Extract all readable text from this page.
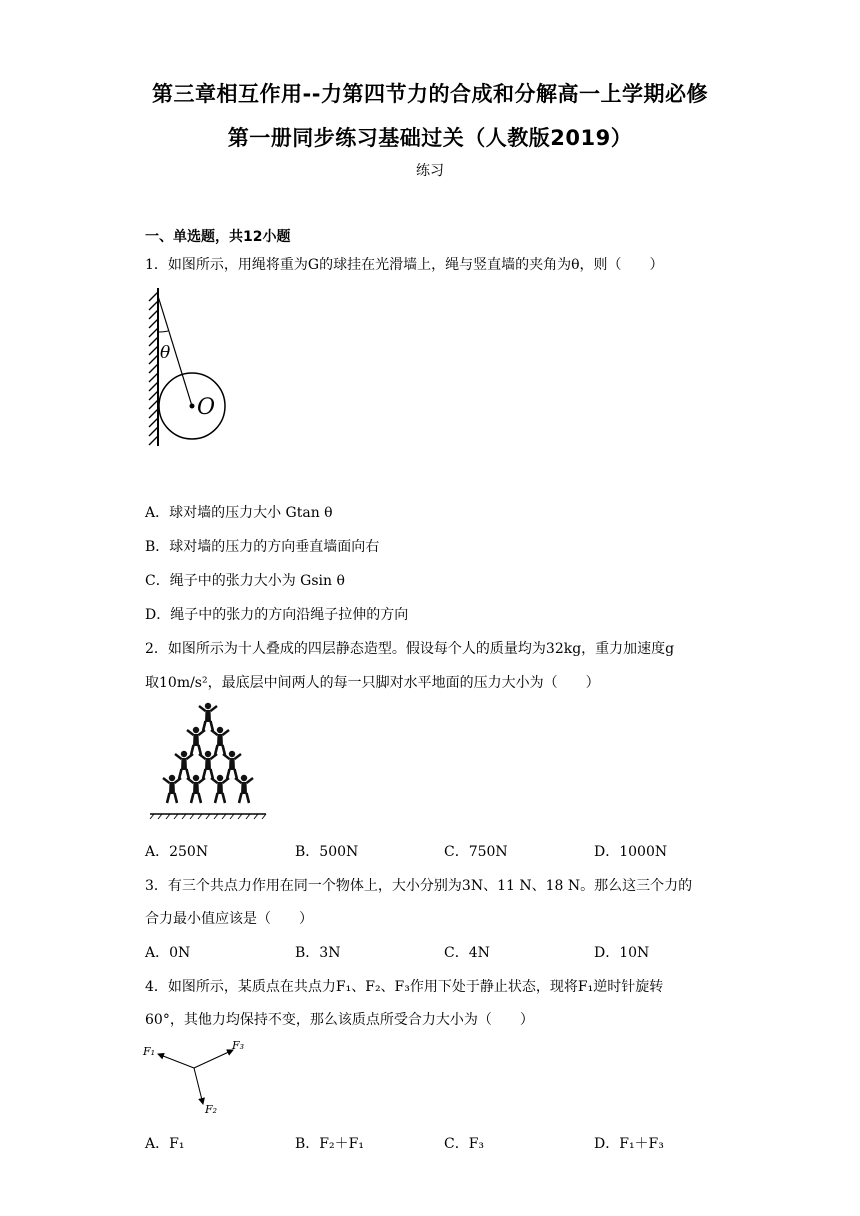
第三章相互作用--力第四节力的合成和分解高一上学期必修
第一册同步练习基础过关（人教版2019）
练习
一、单选题，共12小题
1．如图所示，用绳将重为G的球挂在光滑墙上，绳与竖直墙的夹角为θ，则（　　）
θ
O
A．球对墙的压力大小 Gtan θ
B．球对墙的压力的方向垂直墙面向右
C．绳子中的张力大小为 Gsin θ
D．绳子中的张力的方向沿绳子拉伸的方向
2．如图所示为十人叠成的四层静态造型。假设每个人的质量均为32kg，重力加速度g
取10m/s²，最底层中间两人的每一只脚对水平地面的压力大小为（　　）
A．250N	B．500N	C．750N	D．1000N
3．有三个共点力作用在同一个物体上，大小分别为3N、11 N、18 N。那么这三个力的
合力最小值应该是（　　）
A．0N	B．3N	C．4N	D．10N
4．如图所示，某质点在共点力F₁、F₂、F₃作用下处于静止状态，现将F₁逆时针旋转
60°，其他力均保持不变，那么该质点所受合力大小为（　　）
F₁	F₃
F₂
A．F₁	B．F₂＋F₁	C．F₃	D．F₁＋F₃
